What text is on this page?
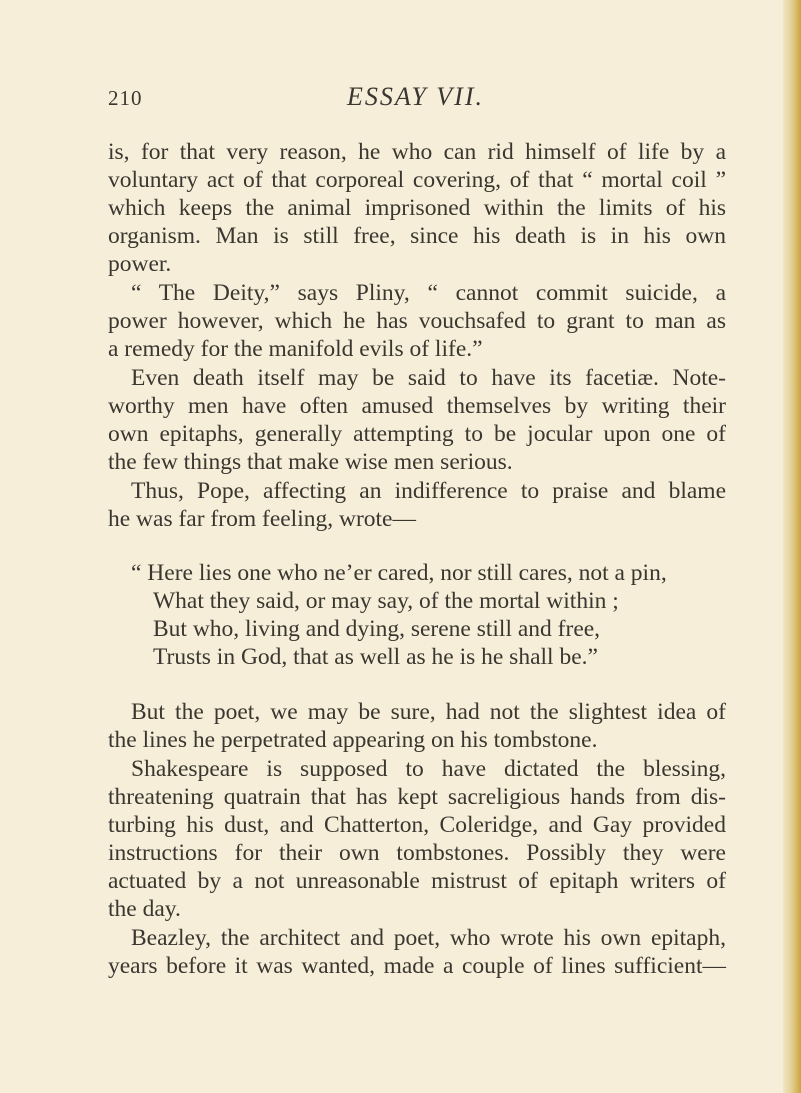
210	ESSAY VII.
is, for that very reason, he who can rid himself of life by a
voluntary act of that corporeal covering, of that “ mortal coil ”
which keeps the animal imprisoned within the limits of his
organism. Man is still free, since his death is in his own
power.
“ The Deity,” says Pliny, “ cannot commit suicide, a
power however, which he has vouchsafed to grant to man as
a remedy for the manifold evils of life.”
Even death itself may be said to have its facetiæ. Note-
worthy men have often amused themselves by writing their
own epitaphs, generally attempting to be jocular upon one of
the few things that make wise men serious.
Thus, Pope, affecting an indifference to praise and blame
he was far from feeling, wrote—
“ Here lies one who ne’er cared, nor still cares, not a pin,
What they said, or may say, of the mortal within ;
But who, living and dying, serene still and free,
Trusts in God, that as well as he is he shall be.”
But the poet, we may be sure, had not the slightest idea of
the lines he perpetrated appearing on his tombstone.
Shakespeare is supposed to have dictated the blessing,
threatening quatrain that has kept sacreligious hands from dis-
turbing his dust, and Chatterton, Coleridge, and Gay provided
instructions for their own tombstones. Possibly they were
actuated by a not unreasonable mistrust of epitaph writers of
the day.
Beazley, the architect and poet, who wrote his own epitaph,
years before it was wanted, made a couple of lines sufficient—
